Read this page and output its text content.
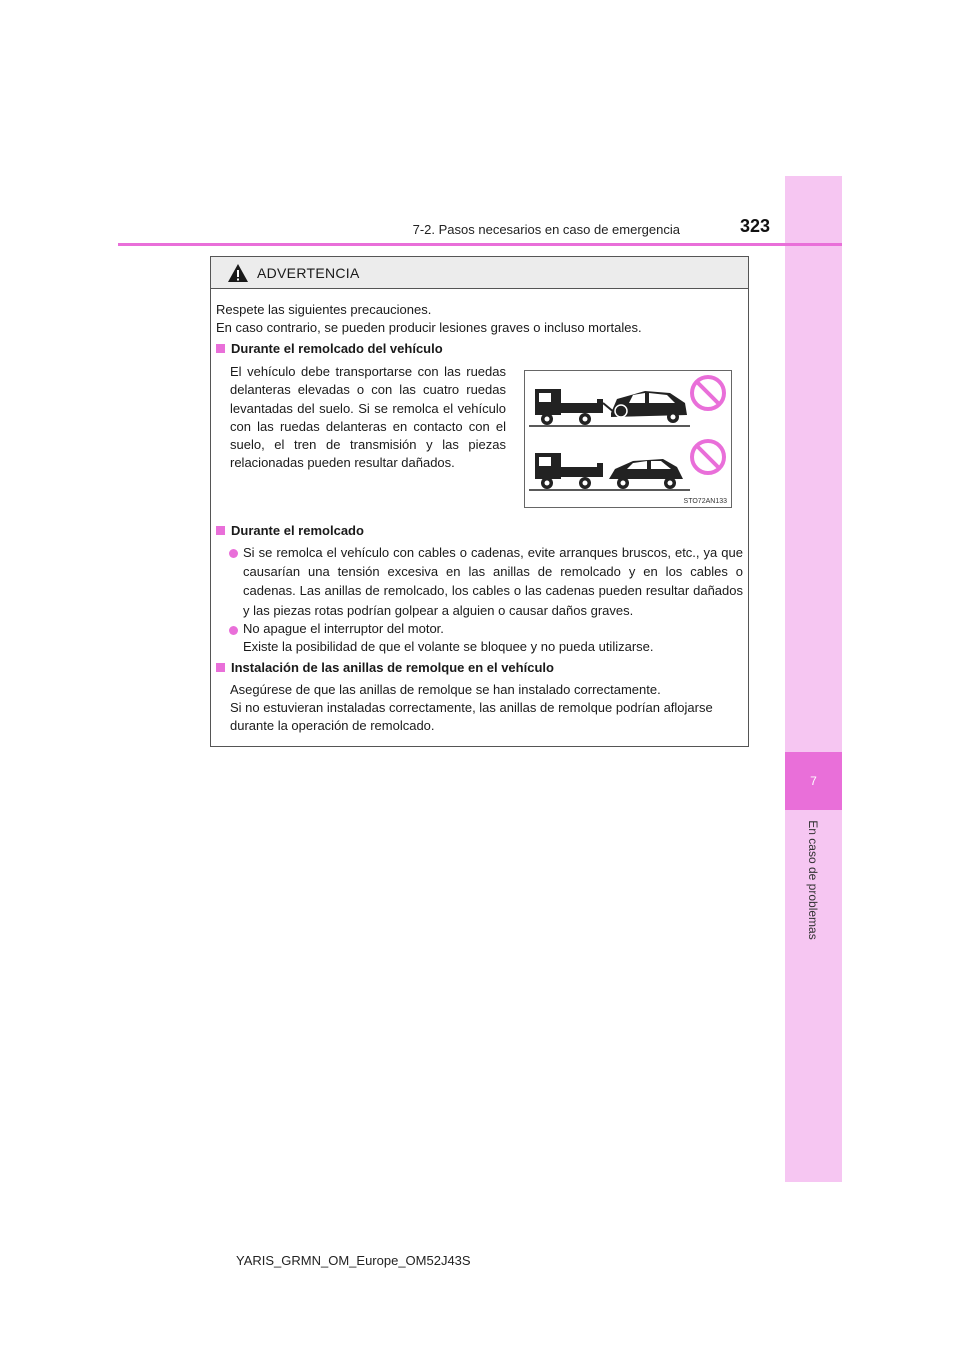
7
En caso de problemas
7-2. Pasos necesarios en caso de emergencia	323
ADVERTENCIA
Respete las siguientes precauciones.
En caso contrario, se pueden producir lesiones graves o incluso mortales.
Durante el remolcado del vehículo
El vehículo debe transportarse con las ruedas delanteras elevadas o con las cuatro ruedas levantadas del suelo. Si se remolca el vehículo con las ruedas delanteras en contacto con el suelo, el tren de transmisión y las piezas relacionadas pueden resultar dañados.
STO72AN133
Durante el remolcado
Si se remolca el vehículo con cables o cadenas, evite arranques bruscos, etc., ya que causarían una tensión excesiva en las anillas de remolcado y en los cables o cadenas. Las anillas de remolcado, los cables o las cadenas pueden resultar dañados y las piezas rotas podrían golpear a alguien o causar daños graves.
No apague el interruptor del motor.
Existe la posibilidad de que el volante se bloquee y no pueda utilizarse.
Instalación de las anillas de remolque en el vehículo
Asegúrese de que las anillas de remolque se han instalado correctamente.
Si no estuvieran instaladas correctamente, las anillas de remolque podrían aflojarse durante la operación de remolcado.
YARIS_GRMN_OM_Europe_OM52J43S
